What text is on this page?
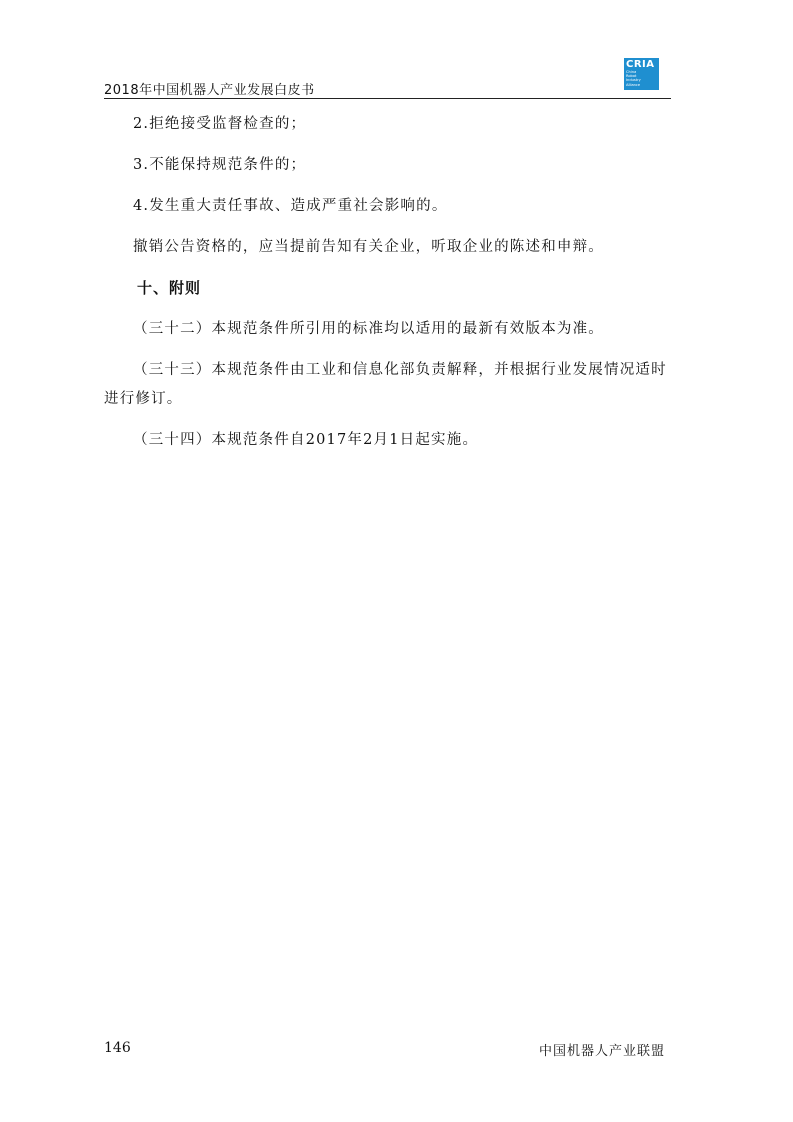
2018年中国机器人产业发展白皮书
CRIA
China
Robot
Industry
Alliance

2.拒绝接受监督检查的；

3.不能保持规范条件的；

4.发生重大责任事故、造成严重社会影响的。

撤销公告资格的，应当提前告知有关企业，听取企业的陈述和申辩。

十、附则

（三十二）本规范条件所引用的标准均以适用的最新有效版本为准。

（三十三）本规范条件由工业和信息化部负责解释，并根据行业发展情况适时进行修订。

（三十四）本规范条件自2017年2月1日起实施。

146	中国机器人产业联盟
